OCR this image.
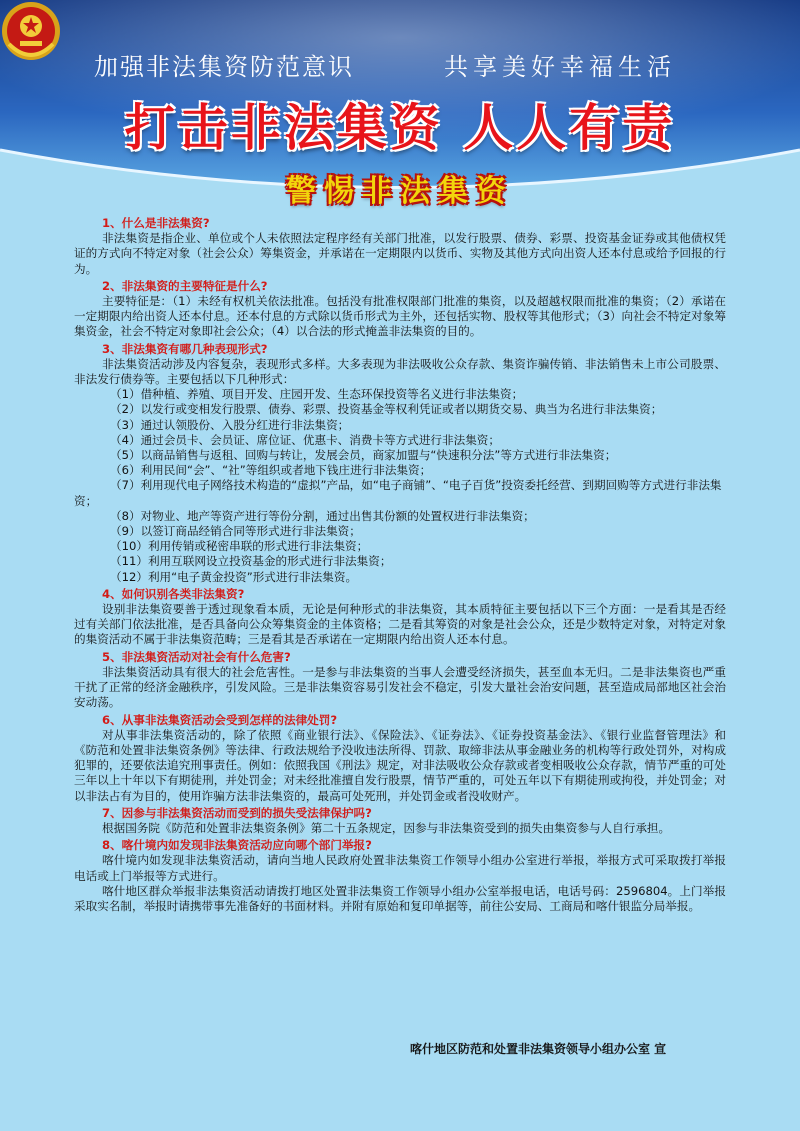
加强非法集资防范意识	共享美好幸福生活
打击非法集资 人人有责
警惕非法集资
1、什么是非法集资?

非法集资是指企业、单位或个人未依照法定程序经有关部门批准，以发行股票、债券、彩票、投资基金证券或其他债权凭证的方式向不特定对象（社会公众）筹集资金，并承诺在一定期限内以货币、实物及其他方式向出资人还本付息或给予回报的行为。

2、非法集资的主要特征是什么?

主要特征是：（1）未经有权机关依法批准。包括没有批准权限部门批准的集资，以及超越权限而批准的集资；（2）承诺在一定期限内给出资人还本付息。还本付息的方式除以货币形式为主外，还包括实物、股权等其他形式；（3）向社会不特定对象筹集资金，社会不特定对象即社会公众；（4）以合法的形式掩盖非法集资的目的。

3、非法集资有哪几种表现形式?

非法集资活动涉及内容复杂，表现形式多样。大多表现为非法吸收公众存款、集资诈骗传销、非法销售未上市公司股票、非法发行债券等。主要包括以下几种形式：

（1）借种植、养殖、项目开发、庄园开发、生态环保投资等名义进行非法集资；

（2）以发行或变相发行股票、债券、彩票、投资基金等权利凭证或者以期货交易、典当为名进行非法集资；

（3）通过认领股份、入股分红进行非法集资；

（4）通过会员卡、会员证、席位证、优惠卡、消费卡等方式进行非法集资；

（5）以商品销售与返租、回购与转让，发展会员，商家加盟与“快速积分法”等方式进行非法集资；

（6）利用民间“会”、“社”等组织或者地下钱庄进行非法集资；

（7）利用现代电子网络技术构造的“虚拟”产品，如“电子商铺”、“电子百货”投资委托经营、到期回购等方式进行非法集资；

（8）对物业、地产等资产进行等份分割，通过出售其份额的处置权进行非法集资；

（9）以签订商品经销合同等形式进行非法集资；

（10）利用传销或秘密串联的形式进行非法集资；

（11）利用互联网设立投资基金的形式进行非法集资；

（12）利用“电子黄金投资”形式进行非法集资。

4、如何识别各类非法集资?

设别非法集资要善于透过现象看本质，无论是何种形式的非法集资，其本质特征主要包括以下三个方面：一是看其是否经过有关部门依法批准，是否具备向公众筹集资金的主体资格；二是看其筹资的对象是社会公众，还是少数特定对象，对特定对象的集资活动不属于非法集资范畴；三是看其是否承诺在一定期限内给出资人还本付息。

5、非法集资活动对社会有什么危害?

非法集资活动具有很大的社会危害性。一是参与非法集资的当事人会遭受经济损失，甚至血本无归。二是非法集资也严重干扰了正常的经济金融秩序，引发风险。三是非法集资容易引发社会不稳定，引发大量社会治安问题，甚至造成局部地区社会治安动荡。

6、从事非法集资活动会受到怎样的法律处罚?

对从事非法集资活动的，除了依照《商业银行法》、《保险法》、《证券法》、《证券投资基金法》、《银行业监督管理法》和《防范和处置非法集资条例》等法律、行政法规给予没收违法所得、罚款、取缔非法从事金融业务的机构等行政处罚外，对构成犯罪的，还要依法追究刑事责任。例如：依照我国《刑法》规定，对非法吸收公众存款或者变相吸收公众存款，情节严重的可处三年以上十年以下有期徒刑，并处罚金；对未经批准擅自发行股票，情节严重的，可处五年以下有期徒刑或拘役，并处罚金；对以非法占有为目的，使用诈骗方法非法集资的，最高可处死刑，并处罚金或者没收财产。

7、因参与非法集资活动而受到的损失受法律保护吗?

根据国务院《防范和处置非法集资条例》第二十五条规定，因参与非法集资受到的损失由集资参与人自行承担。

8、喀什境内如发现非法集资活动应向哪个部门举报?

喀什境内如发现非法集资活动，请向当地人民政府处置非法集资工作领导小组办公室进行举报，举报方式可采取拨打举报电话或上门举报等方式进行。

喀什地区群众举报非法集资活动请拨打地区处置非法集资工作领导小组办公室举报电话，电话号码：2596804。上门举报采取实名制，举报时请携带事先准备好的书面材料。并附有原始和复印单据等，前往公安局、工商局和喀什银监分局举报。

喀什地区防范和处置非法集资领导小组办公室 宣
